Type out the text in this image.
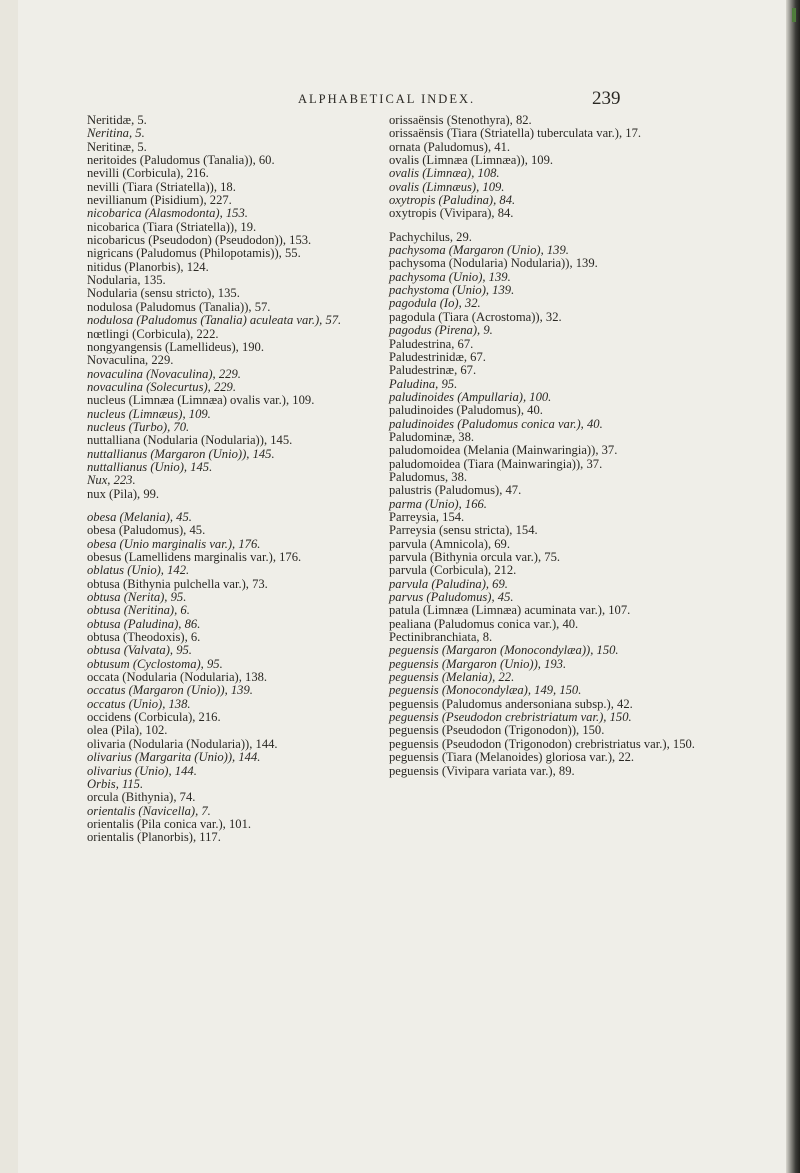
ALPHABETICAL INDEX.	239
Neritidæ, 5.
Neritina, 5.
Neritinæ, 5.
neritoides (Paludomus (Tanalia)), 60.
nevilli (Corbicula), 216.
nevilli (Tiara (Striatella)), 18.
nevillianum (Pisidium), 227.
nicobarica (Alasmodonta), 153.
nicobarica (Tiara (Striatella)), 19.
nicobaricus (Pseudodon) (Pseudodon)), 153.
nigricans (Paludomus (Philopotamis)), 55.
nitidus (Planorbis), 124.
Nodularia, 135.
Nodularia (sensu stricto), 135.
nodulosa (Paludomus (Tanalia)), 57.
nodulosa (Paludomus (Tanalia) aculeata var.), 57.
nœtlingi (Corbicula), 222.
nongyangensis (Lamellideus), 190.
Novaculina, 229.
novaculina (Novaculina), 229.
novaculina (Solecurtus), 229.
nucleus (Limnæa (Limnæa) ovalis var.), 109.
nucleus (Limnæus), 109.
nucleus (Turbo), 70.
nuttalliana (Nodularia (Nodularia)), 145.
nuttallianus (Margaron (Unio)), 145.
nuttallianus (Unio), 145.
Nux, 223.
nux (Pila), 99.
obesa (Melania), 45.
obesa (Paludomus), 45.
obesa (Unio marginalis var.), 176.
obesus (Lamellidens marginalis var.), 176.
oblatus (Unio), 142.
obtusa (Bithynia pulchella var.), 73.
obtusa (Nerita), 95.
obtusa (Neritina), 6.
obtusa (Paludina), 86.
obtusa (Theodoxis), 6.
obtusa (Valvata), 95.
obtusum (Cyclostoma), 95.
occata (Nodularia (Nodularia), 138.
occatus (Margaron (Unio)), 139.
occatus (Unio), 138.
occidens (Corbicula), 216.
olea (Pila), 102.
olivaria (Nodularia (Nodularia)), 144.
olivarius (Margarita (Unio)), 144.
olivarius (Unio), 144.
Orbis, 115.
orcula (Bithynia), 74.
orientalis (Navicella), 7.
orientalis (Pila conica var.), 101.
orientalis (Planorbis), 117.
orissaënsis (Stenothyra), 82.
orissaënsis (Tiara (Striatella) tuberculata var.), 17.
ornata (Paludomus), 41.
ovalis (Limnæa (Limnæa)), 109.
ovalis (Limnæa), 108.
ovalis (Limnæus), 109.
oxytropis (Paludina), 84.
oxytropis (Vivipara), 84.
Pachychilus, 29.
pachysoma (Margaron (Unio), 139.
pachysoma (Nodularia) Nodularia)), 139.
pachysoma (Unio), 139.
pachystoma (Unio), 139.
pagodula (Io), 32.
pagodula (Tiara (Acrostoma)), 32.
pagodus (Pirena), 9.
Paludestrina, 67.
Paludestrinidæ, 67.
Paludestrinæ, 67.
Paludina, 95.
paludinoides (Ampullaria), 100.
paludinoides (Paludomus), 40.
paludinoides (Paludomus conica var.), 40.
Paludominæ, 38.
paludomoidea (Melania (Mainwaringia)), 37.
paludomoidea (Tiara (Mainwaringia)), 37.
Paludomus, 38.
palustris (Paludomus), 47.
parma (Unio), 166.
Parreysia, 154.
Parreysia (sensu stricta), 154.
parvula (Amnicola), 69.
parvula (Bithynia orcula var.), 75.
parvula (Corbicula), 212.
parvula (Paludina), 69.
parvus (Paludomus), 45.
patula (Limnæa (Limnæa) acuminata var.), 107.
pealiana (Paludomus conica var.), 40.
Pectinibranchiata, 8.
peguensis (Margaron (Monocondylæa)), 150.
peguensis (Margaron (Unio)), 193.
peguensis (Melania), 22.
peguensis (Monocondylæa), 149, 150.
peguensis (Paludomus andersoniana subsp.), 42.
peguensis (Pseudodon crebristriatum var.), 150.
peguensis (Pseudodon (Trigonodon)), 150.
peguensis (Pseudodon (Trigonodon) crebristriatus var.), 150.
peguensis (Tiara (Melanoides) gloriosa var.), 22.
peguensis (Vivipara variata var.), 89.
